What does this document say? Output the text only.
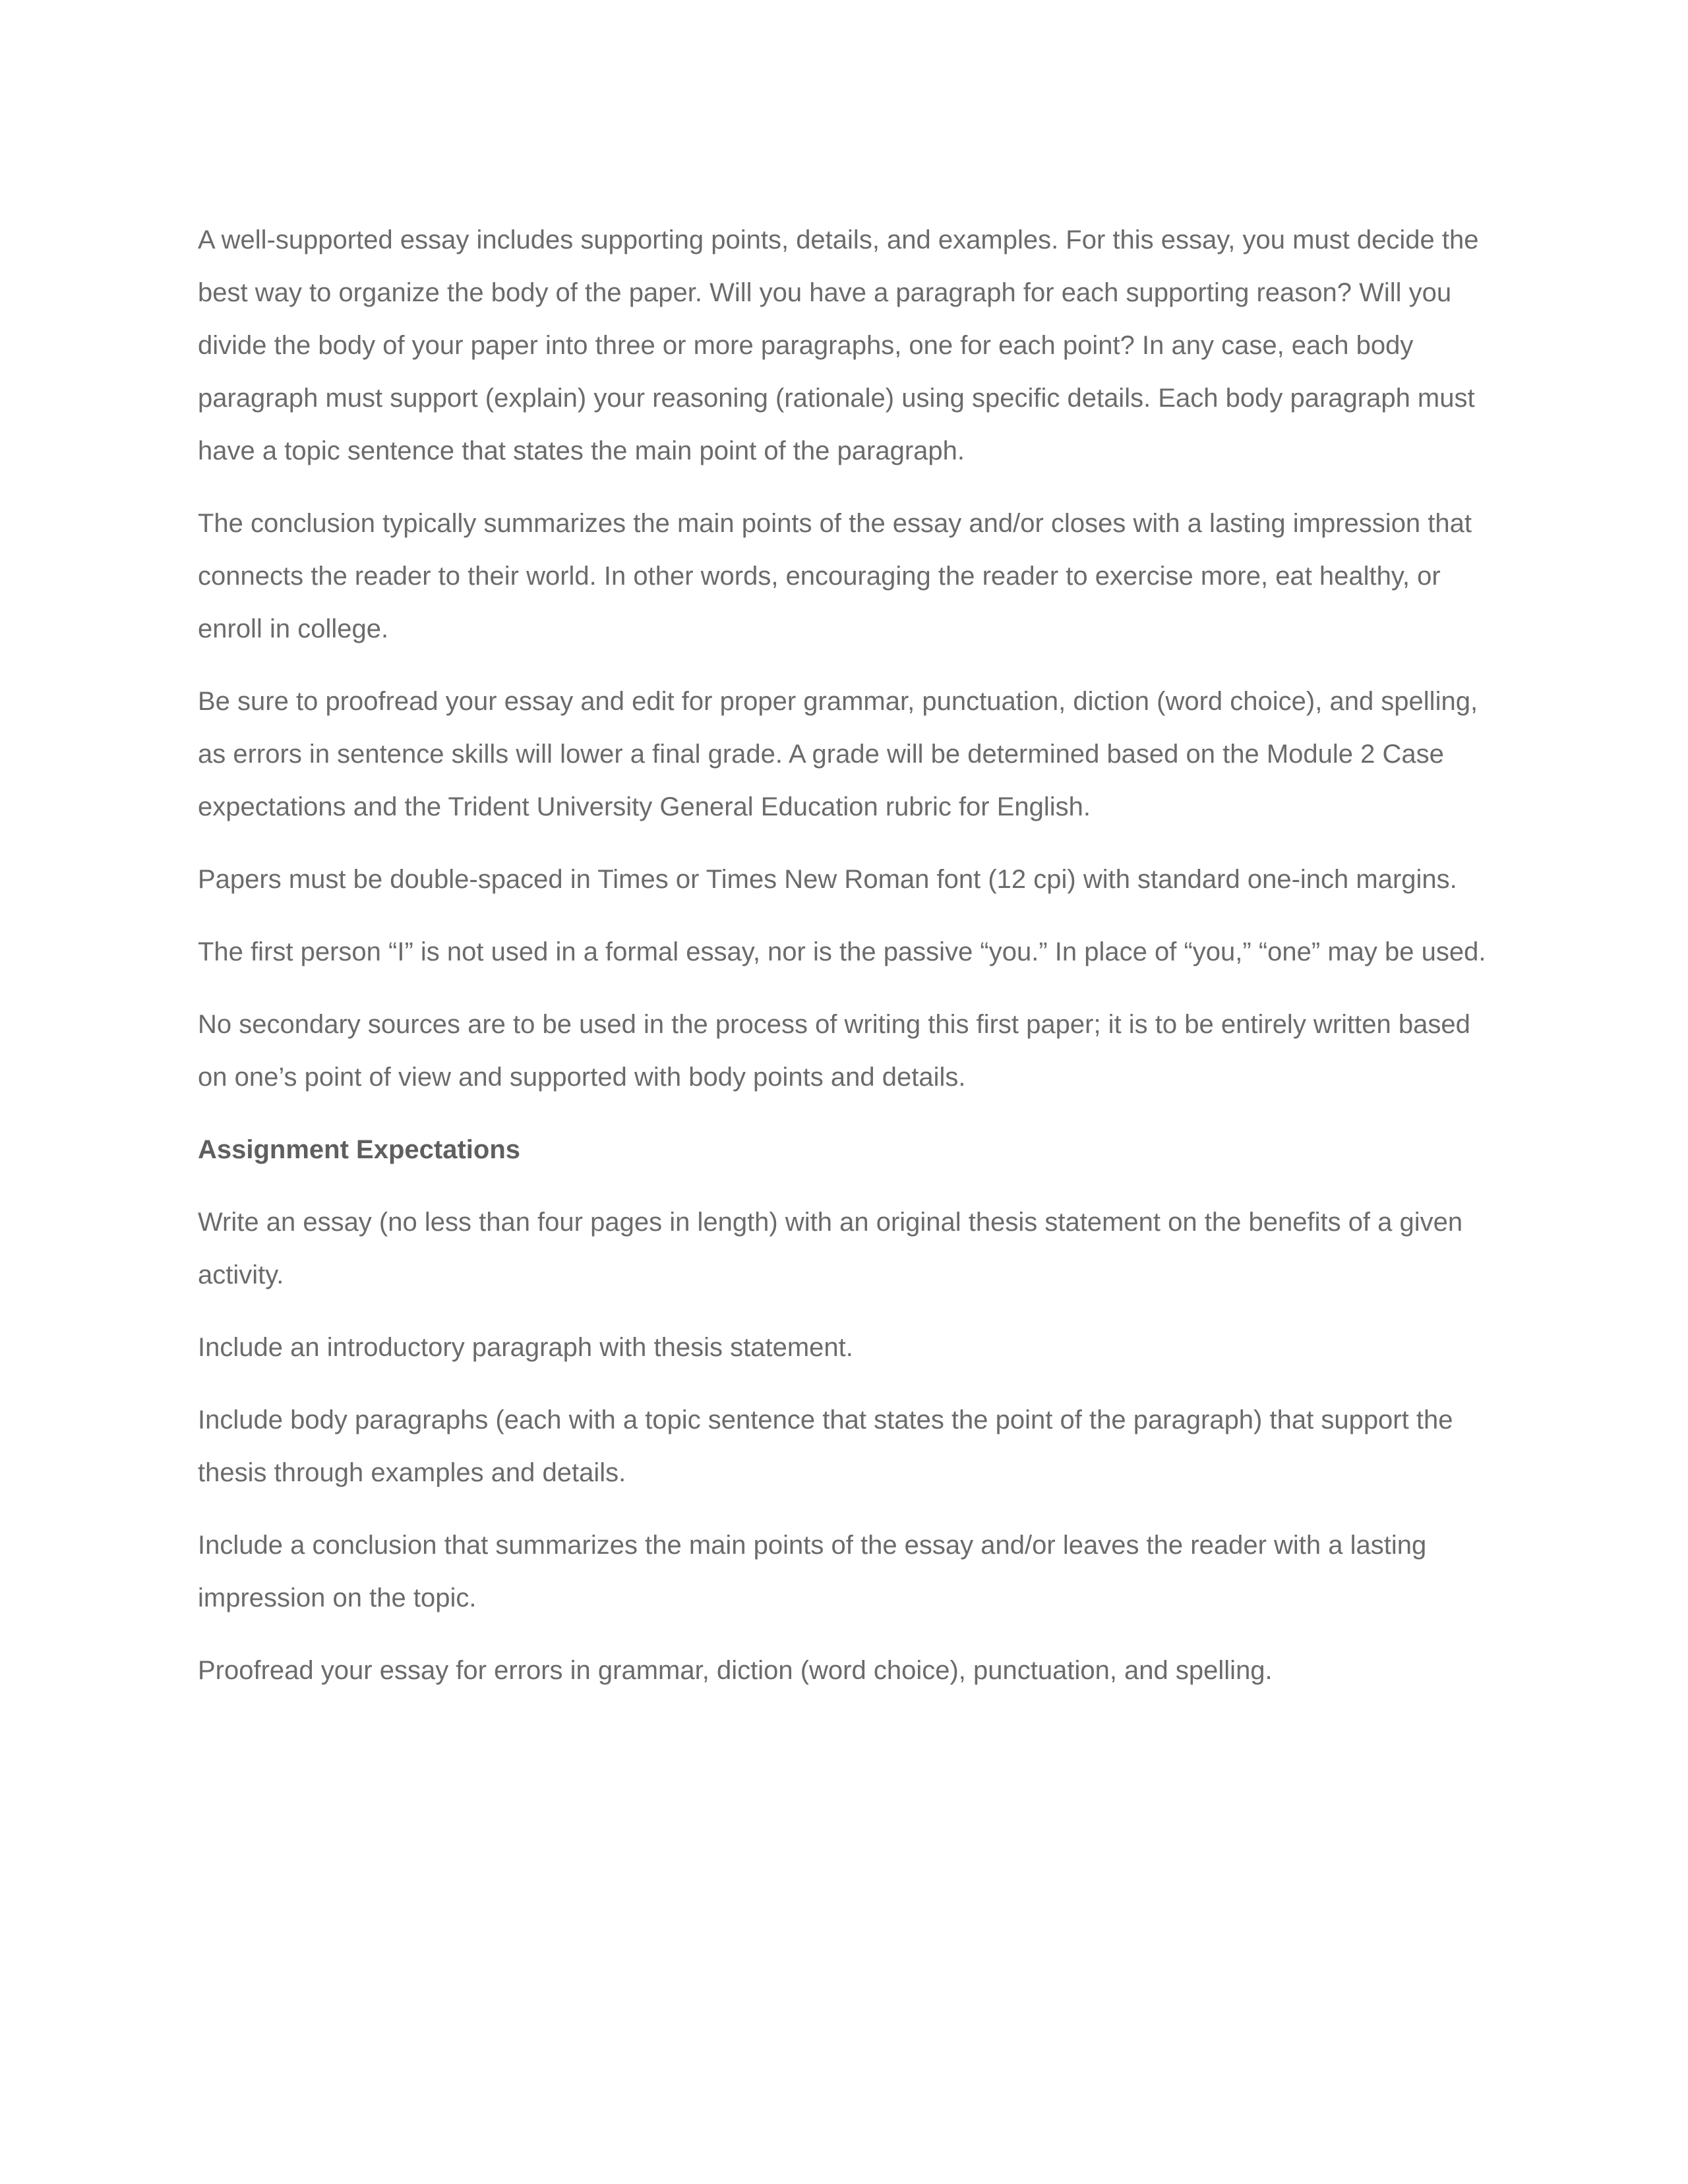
A well-supported essay includes supporting points, details, and examples. For this essay, you must decide the best way to organize the body of the paper. Will you have a paragraph for each supporting reason? Will you divide the body of your paper into three or more paragraphs, one for each point? In any case, each body paragraph must support (explain) your reasoning (rationale) using specific details. Each body paragraph must have a topic sentence that states the main point of the paragraph.

The conclusion typically summarizes the main points of the essay and/or closes with a lasting impression that connects the reader to their world. In other words, encouraging the reader to exercise more, eat healthy, or enroll in college.

Be sure to proofread your essay and edit for proper grammar, punctuation, diction (word choice), and spelling, as errors in sentence skills will lower a final grade. A grade will be determined based on the Module 2 Case expectations and the Trident University General Education rubric for English.

Papers must be double-spaced in Times or Times New Roman font (12 cpi) with standard one-inch margins.

The first person “I” is not used in a formal essay, nor is the passive “you.” In place of “you,” “one” may be used.

No secondary sources are to be used in the process of writing this first paper; it is to be entirely written based on one’s point of view and supported with body points and details.

Assignment Expectations

Write an essay (no less than four pages in length) with an original thesis statement on the benefits of a given activity.

Include an introductory paragraph with thesis statement.

Include body paragraphs (each with a topic sentence that states the point of the paragraph) that support the thesis through examples and details.

Include a conclusion that summarizes the main points of the essay and/or leaves the reader with a lasting impression on the topic.

Proofread your essay for errors in grammar, diction (word choice), punctuation, and spelling.
